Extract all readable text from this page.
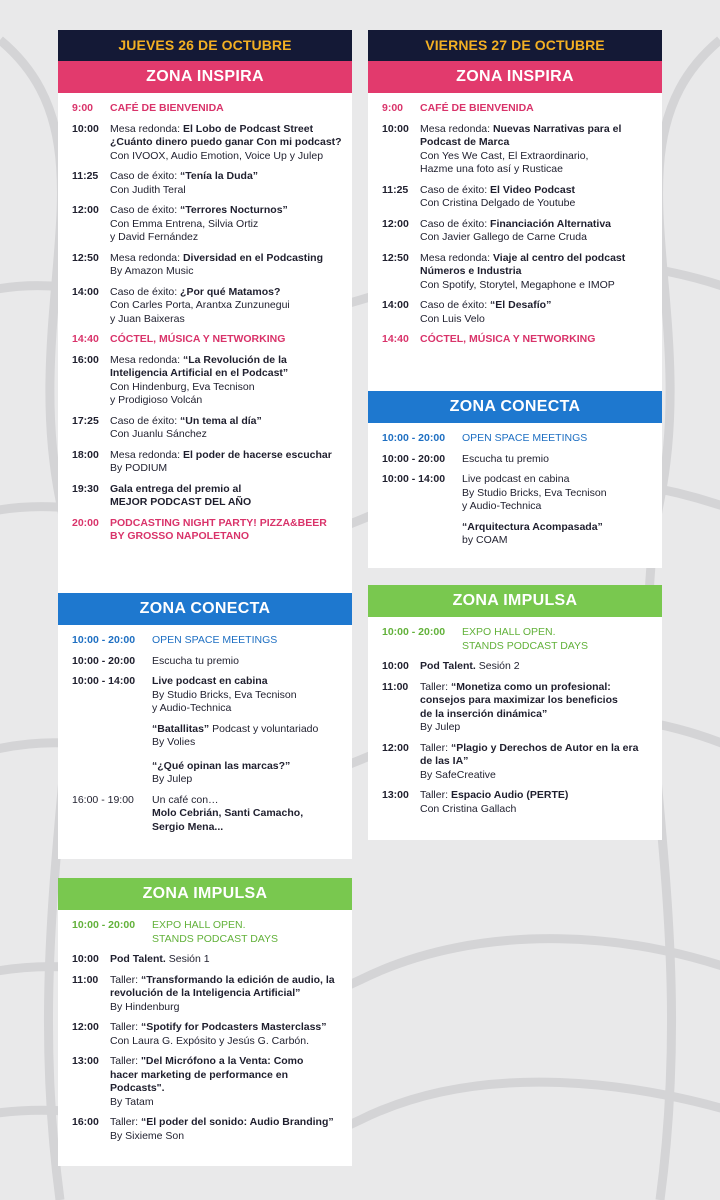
JUEVES 26 DE OCTUBRE
ZONA INSPIRA
9:00	CAFÉ DE BIENVENIDA
10:00	Mesa redonda: El Lobo de Podcast Street
¿Cuánto dinero puedo ganar Con mi podcast?
Con IVOOX, Audio Emotion, Voice Up y Julep
11:25	Caso de éxito: “Tenía la Duda”
Con Judith Teral
12:00	Caso de éxito: “Terrores Nocturnos”
Con Emma Entrena, Silvia Ortiz
y David Fernández
12:50	Mesa redonda: Diversidad en el Podcasting
By Amazon Music
14:00	Caso de éxito: ¿Por qué Matamos?
Con Carles Porta, Arantxa Zunzunegui
y Juan Baixeras
14:40	CÓCTEL, MÚSICA Y NETWORKING
16:00	Mesa redonda: “La Revolución de la
Inteligencia Artificial en el Podcast”
Con Hindenburg, Eva Tecnison
y Prodigioso Volcán
17:25	Caso de éxito: “Un tema al día”
Con Juanlu Sánchez
18:00	Mesa redonda: El poder de hacerse escuchar
By PODIUM
19:30	Gala entrega del premio al
MEJOR PODCAST DEL AÑO
20:00	PODCASTING NIGHT PARTY! PIZZA&BEER
BY GROSSO NAPOLETANO
ZONA CONECTA
10:00 - 20:00	OPEN SPACE MEETINGS
10:00 - 20:00	Escucha tu premio
10:00 - 14:00	Live podcast en cabina
By Studio Bricks, Eva Tecnison
y Audio-Technica
“Batallitas” Podcast y voluntariado
By Volies
“¿Qué opinan las marcas?”
By Julep
16:00 - 19:00	Un café con…
Molo Cebrián, Santi Camacho,
Sergio Mena...
ZONA IMPULSA
10:00 - 20:00	EXPO HALL OPEN.
STANDS PODCAST DAYS
10:00	Pod Talent. Sesión 1
11:00	Taller: “Transformando la edición de audio, la
revolución de la Inteligencia Artificial”
By Hindenburg
12:00	Taller: “Spotify for Podcasters Masterclass”
Con Laura G. Expósito y Jesús G. Carbón.
13:00	Taller: "Del Micrófono a la Venta: Como
hacer marketing de performance en
Podcasts".
By Tatam
16:00	Taller: “El poder del sonido: Audio Branding”
By Sixieme Son
VIERNES 27 DE OCTUBRE
ZONA INSPIRA
9:00	CAFÉ DE BIENVENIDA
10:00	Mesa redonda: Nuevas Narrativas para el
Podcast de Marca
Con Yes We Cast, El Extraordinario,
Hazme una foto así y Rusticae
11:25	Caso de éxito: El Video Podcast
Con Cristina Delgado de Youtube
12:00	Caso de éxito: Financiación Alternativa
Con Javier Gallego de Carne Cruda
12:50	Mesa redonda: Viaje al centro del podcast
Números e Industria
Con Spotify, Storytel, Megaphone e IMOP
14:00	Caso de éxito: “El Desafío”
Con Luis Velo
14:40	CÓCTEL, MÚSICA Y NETWORKING
ZONA CONECTA
10:00 - 20:00	OPEN SPACE MEETINGS
10:00 - 20:00	Escucha tu premio
10:00 - 14:00	Live podcast en cabina
By Studio Bricks, Eva Tecnison
y Audio-Technica
“Arquitectura Acompasada”
by COAM
ZONA IMPULSA
10:00 - 20:00	EXPO HALL OPEN.
STANDS PODCAST DAYS
10:00	Pod Talent. Sesión 2
11:00	Taller: “Monetiza como un profesional:
consejos para maximizar los beneficios
de la inserción dinámica”
By Julep
12:00	Taller: “Plagio y Derechos de Autor en la era
de las IA”
By SafeCreative
13:00	Taller: Espacio Audio (PERTE)
Con Cristina Gallach
